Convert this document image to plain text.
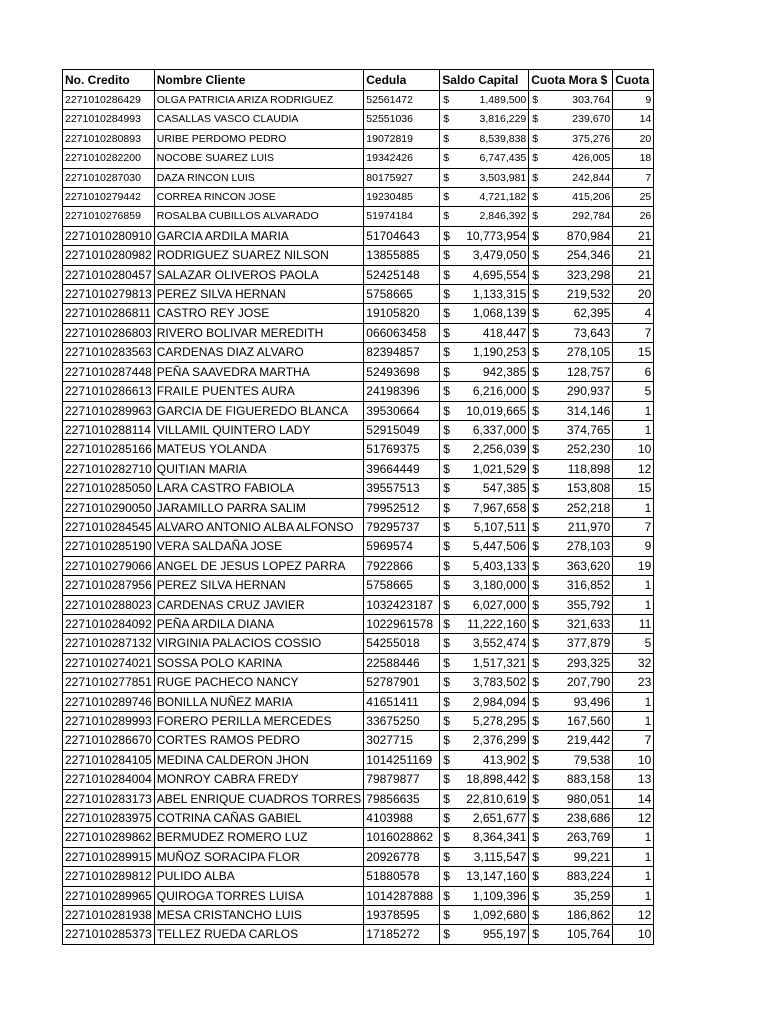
No. Credito	Nombre Cliente	Cedula	Saldo Capital	Cuota Mora $	Cuota
2271010286429	OLGA PATRICIA ARIZA RODRIGUEZ	52561472	$ 1,489,500	$ 303,764	9
2271010284993	CASALLAS VASCO CLAUDIA	52551036	$ 3,816,229	$ 239,670	14
2271010280893	URIBE PERDOMO PEDRO	19072819	$ 8,539,838	$ 375,276	20
2271010282200	NOCOBE SUAREZ LUIS	19342426	$ 6,747,435	$ 426,005	18
2271010287030	DAZA RINCON LUIS	80175927	$ 3,503,981	$ 242,844	7
2271010279442	CORREA RINCON JOSE	19230485	$ 4,721,182	$ 415,206	25
2271010276859	ROSALBA CUBILLOS ALVARADO	51974184	$ 2,846,392	$ 292,784	26
2271010280910	GARCIA ARDILA MARIA	51704643	$ 10,773,954	$ 870,984	21
2271010280982	RODRIGUEZ SUAREZ NILSON	13855885	$ 3,479,050	$ 254,346	21
2271010280457	SALAZAR OLIVEROS PAOLA	52425148	$ 4,695,554	$ 323,298	21
2271010279813	PEREZ SILVA HERNAN	5758665	$ 1,133,315	$ 219,532	20
2271010286811	CASTRO REY JOSE	19105820	$ 1,068,139	$ 62,395	4
2271010286803	RIVERO BOLIVAR MEREDITH	066063458	$ 418,447	$ 73,643	7
2271010283563	CARDENAS DIAZ ALVARO	82394857	$ 1,190,253	$ 278,105	15
2271010287448	PEÑA SAAVEDRA MARTHA	52493698	$ 942,385	$ 128,757	6
2271010286613	FRAILE PUENTES AURA	24198396	$ 6,216,000	$ 290,937	5
2271010289963	GARCIA DE FIGUEREDO BLANCA	39530664	$ 10,019,665	$ 314,146	1
2271010288114	VILLAMIL QUINTERO LADY	52915049	$ 6,337,000	$ 374,765	1
2271010285166	MATEUS YOLANDA	51769375	$ 2,256,039	$ 252,230	10
2271010282710	QUITIAN MARIA	39664449	$ 1,021,529	$ 118,898	12
2271010285050	LARA CASTRO FABIOLA	39557513	$ 547,385	$ 153,808	15
2271010290050	JARAMILLO PARRA SALIM	79952512	$ 7,967,658	$ 252,218	1
2271010284545	ALVARO ANTONIO ALBA ALFONSO	79295737	$ 5,107,511	$ 211,970	7
2271010285190	VERA SALDAÑA JOSE	5969574	$ 5,447,506	$ 278,103	9
2271010279066	ANGEL DE JESUS LOPEZ PARRA	7922866	$ 5,403,133	$ 363,620	19
2271010287956	PEREZ SILVA HERNAN	5758665	$ 3,180,000	$ 316,852	1
2271010288023	CARDENAS CRUZ JAVIER	1032423187	$ 6,027,000	$ 355,792	1
2271010284092	PEÑA ARDILA DIANA	1022961578	$ 11,222,160	$ 321,633	11
2271010287132	VIRGINIA PALACIOS COSSIO	54255018	$ 3,552,474	$ 377,879	5
2271010274021	SOSSA POLO KARINA	22588446	$ 1,517,321	$ 293,325	32
2271010277851	RUGE PACHECO NANCY	52787901	$ 3,783,502	$ 207,790	23
2271010289746	BONILLA NUÑEZ MARIA	41651411	$ 2,984,094	$ 93,496	1
2271010289993	FORERO PERILLA MERCEDES	33675250	$ 5,278,295	$ 167,560	1
2271010286670	CORTES RAMOS PEDRO	3027715	$ 2,376,299	$ 219,442	7
2271010284105	MEDINA CALDERON JHON	1014251169	$ 413,902	$ 79,538	10
2271010284004	MONROY CABRA FREDY	79879877	$ 18,898,442	$ 883,158	13
2271010283173	ABEL ENRIQUE CUADROS TORRES	79856635	$ 22,810,619	$ 980,051	14
2271010283975	COTRINA CAÑAS GABIEL	4103988	$ 2,651,677	$ 238,686	12
2271010289862	BERMUDEZ ROMERO LUZ	1016028862	$ 8,364,341	$ 263,769	1
2271010289915	MUÑOZ SORACIPA FLOR	20926778	$ 3,115,547	$ 99,221	1
2271010289812	PULIDO ALBA	51880578	$ 13,147,160	$ 883,224	1
2271010289965	QUIROGA TORRES LUISA	1014287888	$ 1,109,396	$ 35,259	1
2271010281938	MESA CRISTANCHO LUIS	19378595	$ 1,092,680	$ 186,862	12
2271010285373	TELLEZ RUEDA CARLOS	17185272	$ 955,197	$ 105,764	10
